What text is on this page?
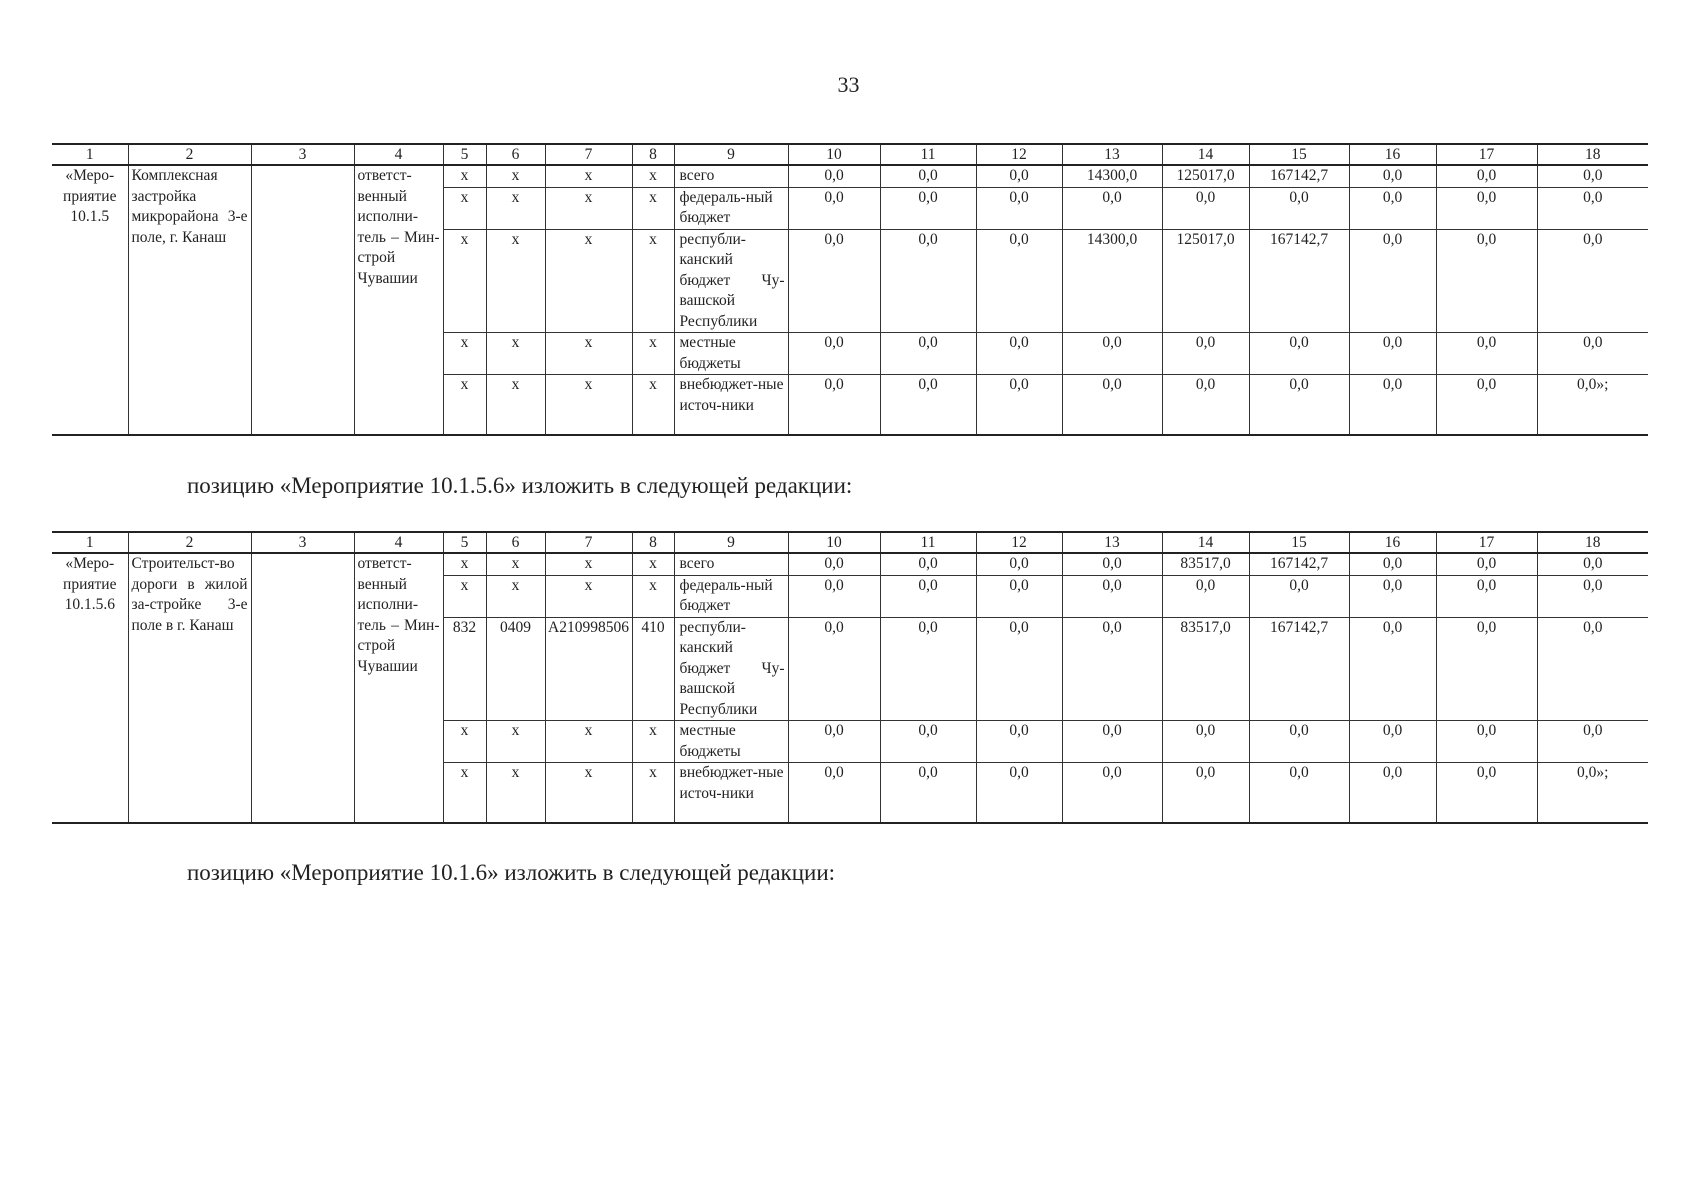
33
1	2	3	4	5	6	7	8	9	10	11	12	13	14	15	16	17	18
«Меро-приятие 10.1.5	Комплексная застройка микрорайона 3-е поле, г. Канаш		ответст-венный исполни-тель – Мин-строй Чувашии	х	х	х	х	всего	0,0	0,0	0,0	14300,0	125017,0	167142,7	0,0	0,0	0,0
				х	х	х	х	федераль-ный бюджет	0,0	0,0	0,0	0,0	0,0	0,0	0,0	0,0	0,0
				х	х	х	х	республи-канский бюджет Чу-вашской Республики	0,0	0,0	0,0	14300,0	125017,0	167142,7	0,0	0,0	0,0
				х	х	х	х	местные бюджеты	0,0	0,0	0,0	0,0	0,0	0,0	0,0	0,0	0,0
				х	х	х	х	внебюджет-ные источ-ники	0,0	0,0	0,0	0,0	0,0	0,0	0,0	0,0	0,0»;
позицию «Мероприятие 10.1.5.6» изложить в следующей редакции:
1	2	3	4	5	6	7	8	9	10	11	12	13	14	15	16	17	18
«Меро-приятие 10.1.5.6	Строительст-во дороги в жилой за-стройке 3-е поле в г. Канаш		ответст-венный исполни-тель – Мин-строй Чувашии	х	х	х	х	всего	0,0	0,0	0,0	0,0	83517,0	167142,7	0,0	0,0	0,0
				х	х	х	х	федераль-ный бюджет	0,0	0,0	0,0	0,0	0,0	0,0	0,0	0,0	0,0
				832	0409	A210998506	410	республи-канский бюджет Чу-вашской Республики	0,0	0,0	0,0	0,0	83517,0	167142,7	0,0	0,0	0,0
				х	х	х	х	местные бюджеты	0,0	0,0	0,0	0,0	0,0	0,0	0,0	0,0	0,0
				х	х	х	х	внебюджет-ные источ-ники	0,0	0,0	0,0	0,0	0,0	0,0	0,0	0,0	0,0»;
позицию «Мероприятие 10.1.6» изложить в следующей редакции:
